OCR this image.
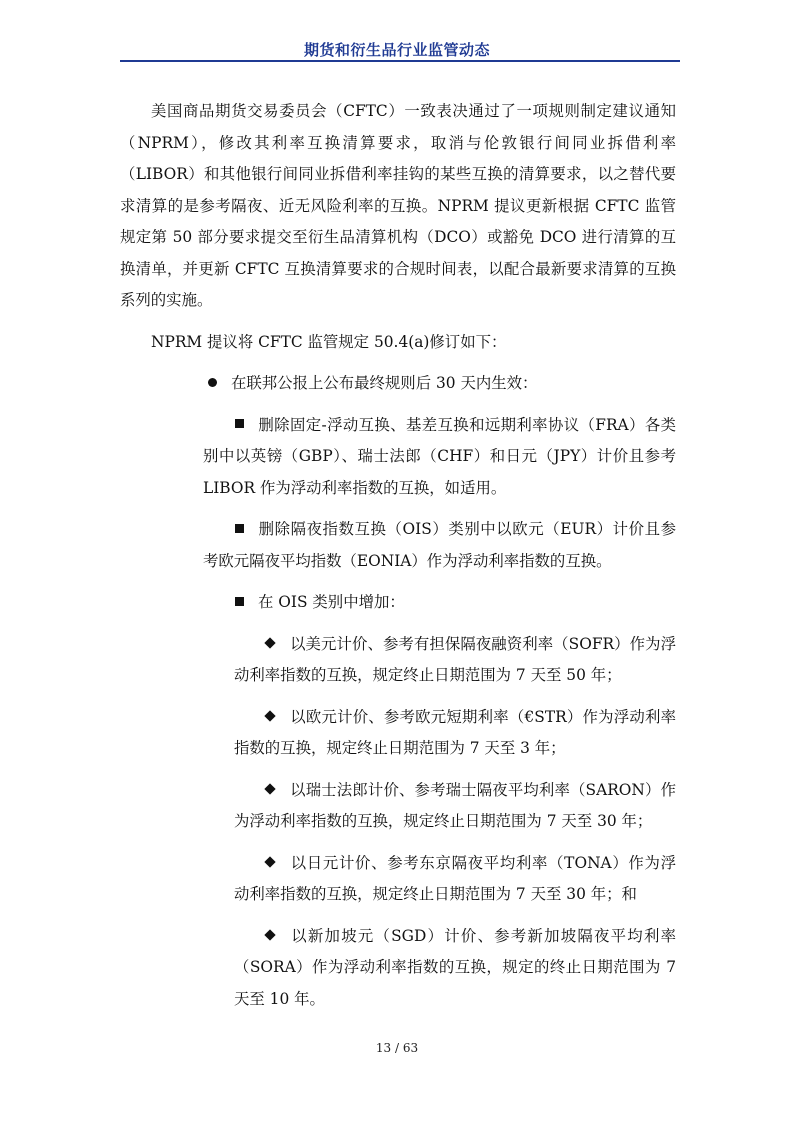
期货和衍生品行业监管动态

美国商品期货交易委员会（CFTC）一致表决通过了一项规则制定建议通知（NPRM），修改其利率互换清算要求，取消与伦敦银行间同业拆借利率（LIBOR）和其他银行间同业拆借利率挂钩的某些互换的清算要求，以之替代要求清算的是参考隔夜、近无风险利率的互换。NPRM 提议更新根据 CFTC 监管规定第 50 部分要求提交至衍生品清算机构（DCO）或豁免 DCO 进行清算的互换清单，并更新 CFTC 互换清算要求的合规时间表，以配合最新要求清算的互换系列的实施。

NPRM 提议将 CFTC 监管规定 50.4(a)修订如下：

在联邦公报上公布最终规则后 30 天内生效：
删除固定-浮动互换、基差互换和远期利率协议（FRA）各类别中以英镑（GBP）、瑞士法郎（CHF）和日元（JPY）计价且参考 LIBOR 作为浮动利率指数的互换，如适用。
删除隔夜指数互换（OIS）类别中以欧元（EUR）计价且参考欧元隔夜平均指数（EONIA）作为浮动利率指数的互换。
在 OIS 类别中增加：
以美元计价、参考有担保隔夜融资利率（SOFR）作为浮动利率指数的互换，规定终止日期范围为 7 天至 50 年；
以欧元计价、参考欧元短期利率（€STR）作为浮动利率指数的互换，规定终止日期范围为 7 天至 3 年；
以瑞士法郎计价、参考瑞士隔夜平均利率（SARON）作为浮动利率指数的互换，规定终止日期范围为 7 天至 30 年；
以日元计价、参考东京隔夜平均利率（TONA）作为浮动利率指数的互换，规定终止日期范围为 7 天至 30 年；和
以新加坡元（SGD）计价、参考新加坡隔夜平均利率（SORA）作为浮动利率指数的互换，规定的终止日期范围为 7 天至 10 年。
13 / 63
